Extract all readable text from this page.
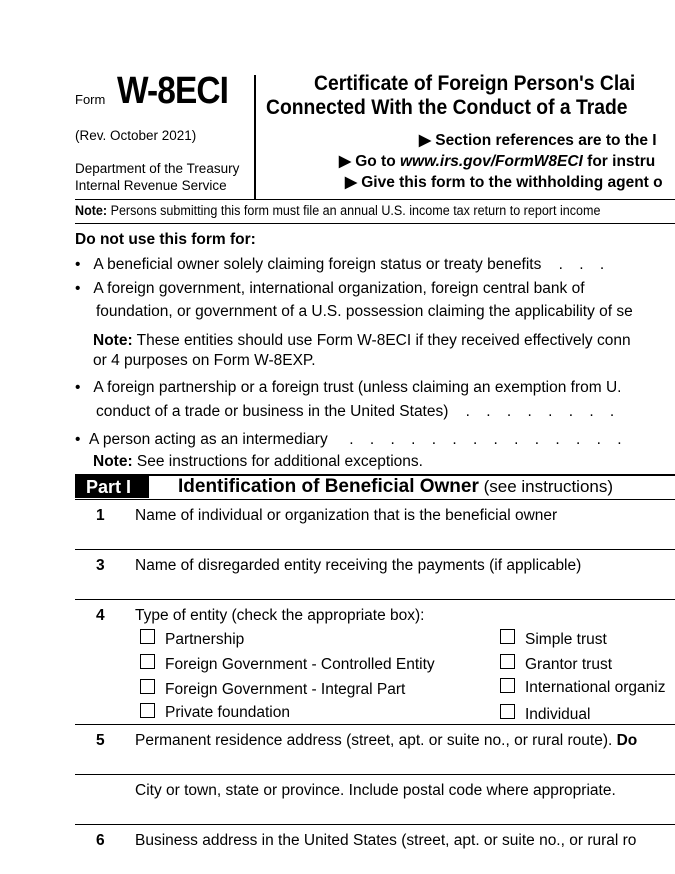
Form W-8ECI
(Rev. October 2021)
Department of the Treasury
Internal Revenue Service
Certificate of Foreign Person's Clai
Connected With the Conduct of a Trade
▶ Section references are to the I
▶ Go to www.irs.gov/FormW8ECI for instru
▶ Give this form to the withholding agent o
Note: Persons submitting this form must file an annual U.S. income tax return to report income
Do not use this form for:
•   A beneficial owner solely claiming foreign status or treaty benefits . . .
•   A foreign government, international organization, foreign central bank of
foundation, or government of a U.S. possession claiming the applicability of se
Note: These entities should use Form W-8ECI if they received effectively conn
or 4 purposes on Form W-8EXP.
•   A foreign partnership or a foreign trust (unless claiming an exemption from U.
conduct of a trade or business in the United States) . . . . . . . .
•  A person acting as an intermediary . . . . . . . . . . . . . .
Note: See instructions for additional exceptions.
Part I	Identification of Beneficial Owner (see instructions)
1 Name of individual or organization that is the beneficial owner
3 Name of disregarded entity receiving the payments (if applicable)
4 Type of entity (check the appropriate box):
Partnership
Foreign Government - Controlled Entity
Foreign Government - Integral Part
Private foundation
Simple trust
Grantor trust
International organiz
Individual
5 Permanent residence address (street, apt. or suite no., or rural route). Do
City or town, state or province. Include postal code where appropriate.
6 Business address in the United States (street, apt. or suite no., or rural ro
